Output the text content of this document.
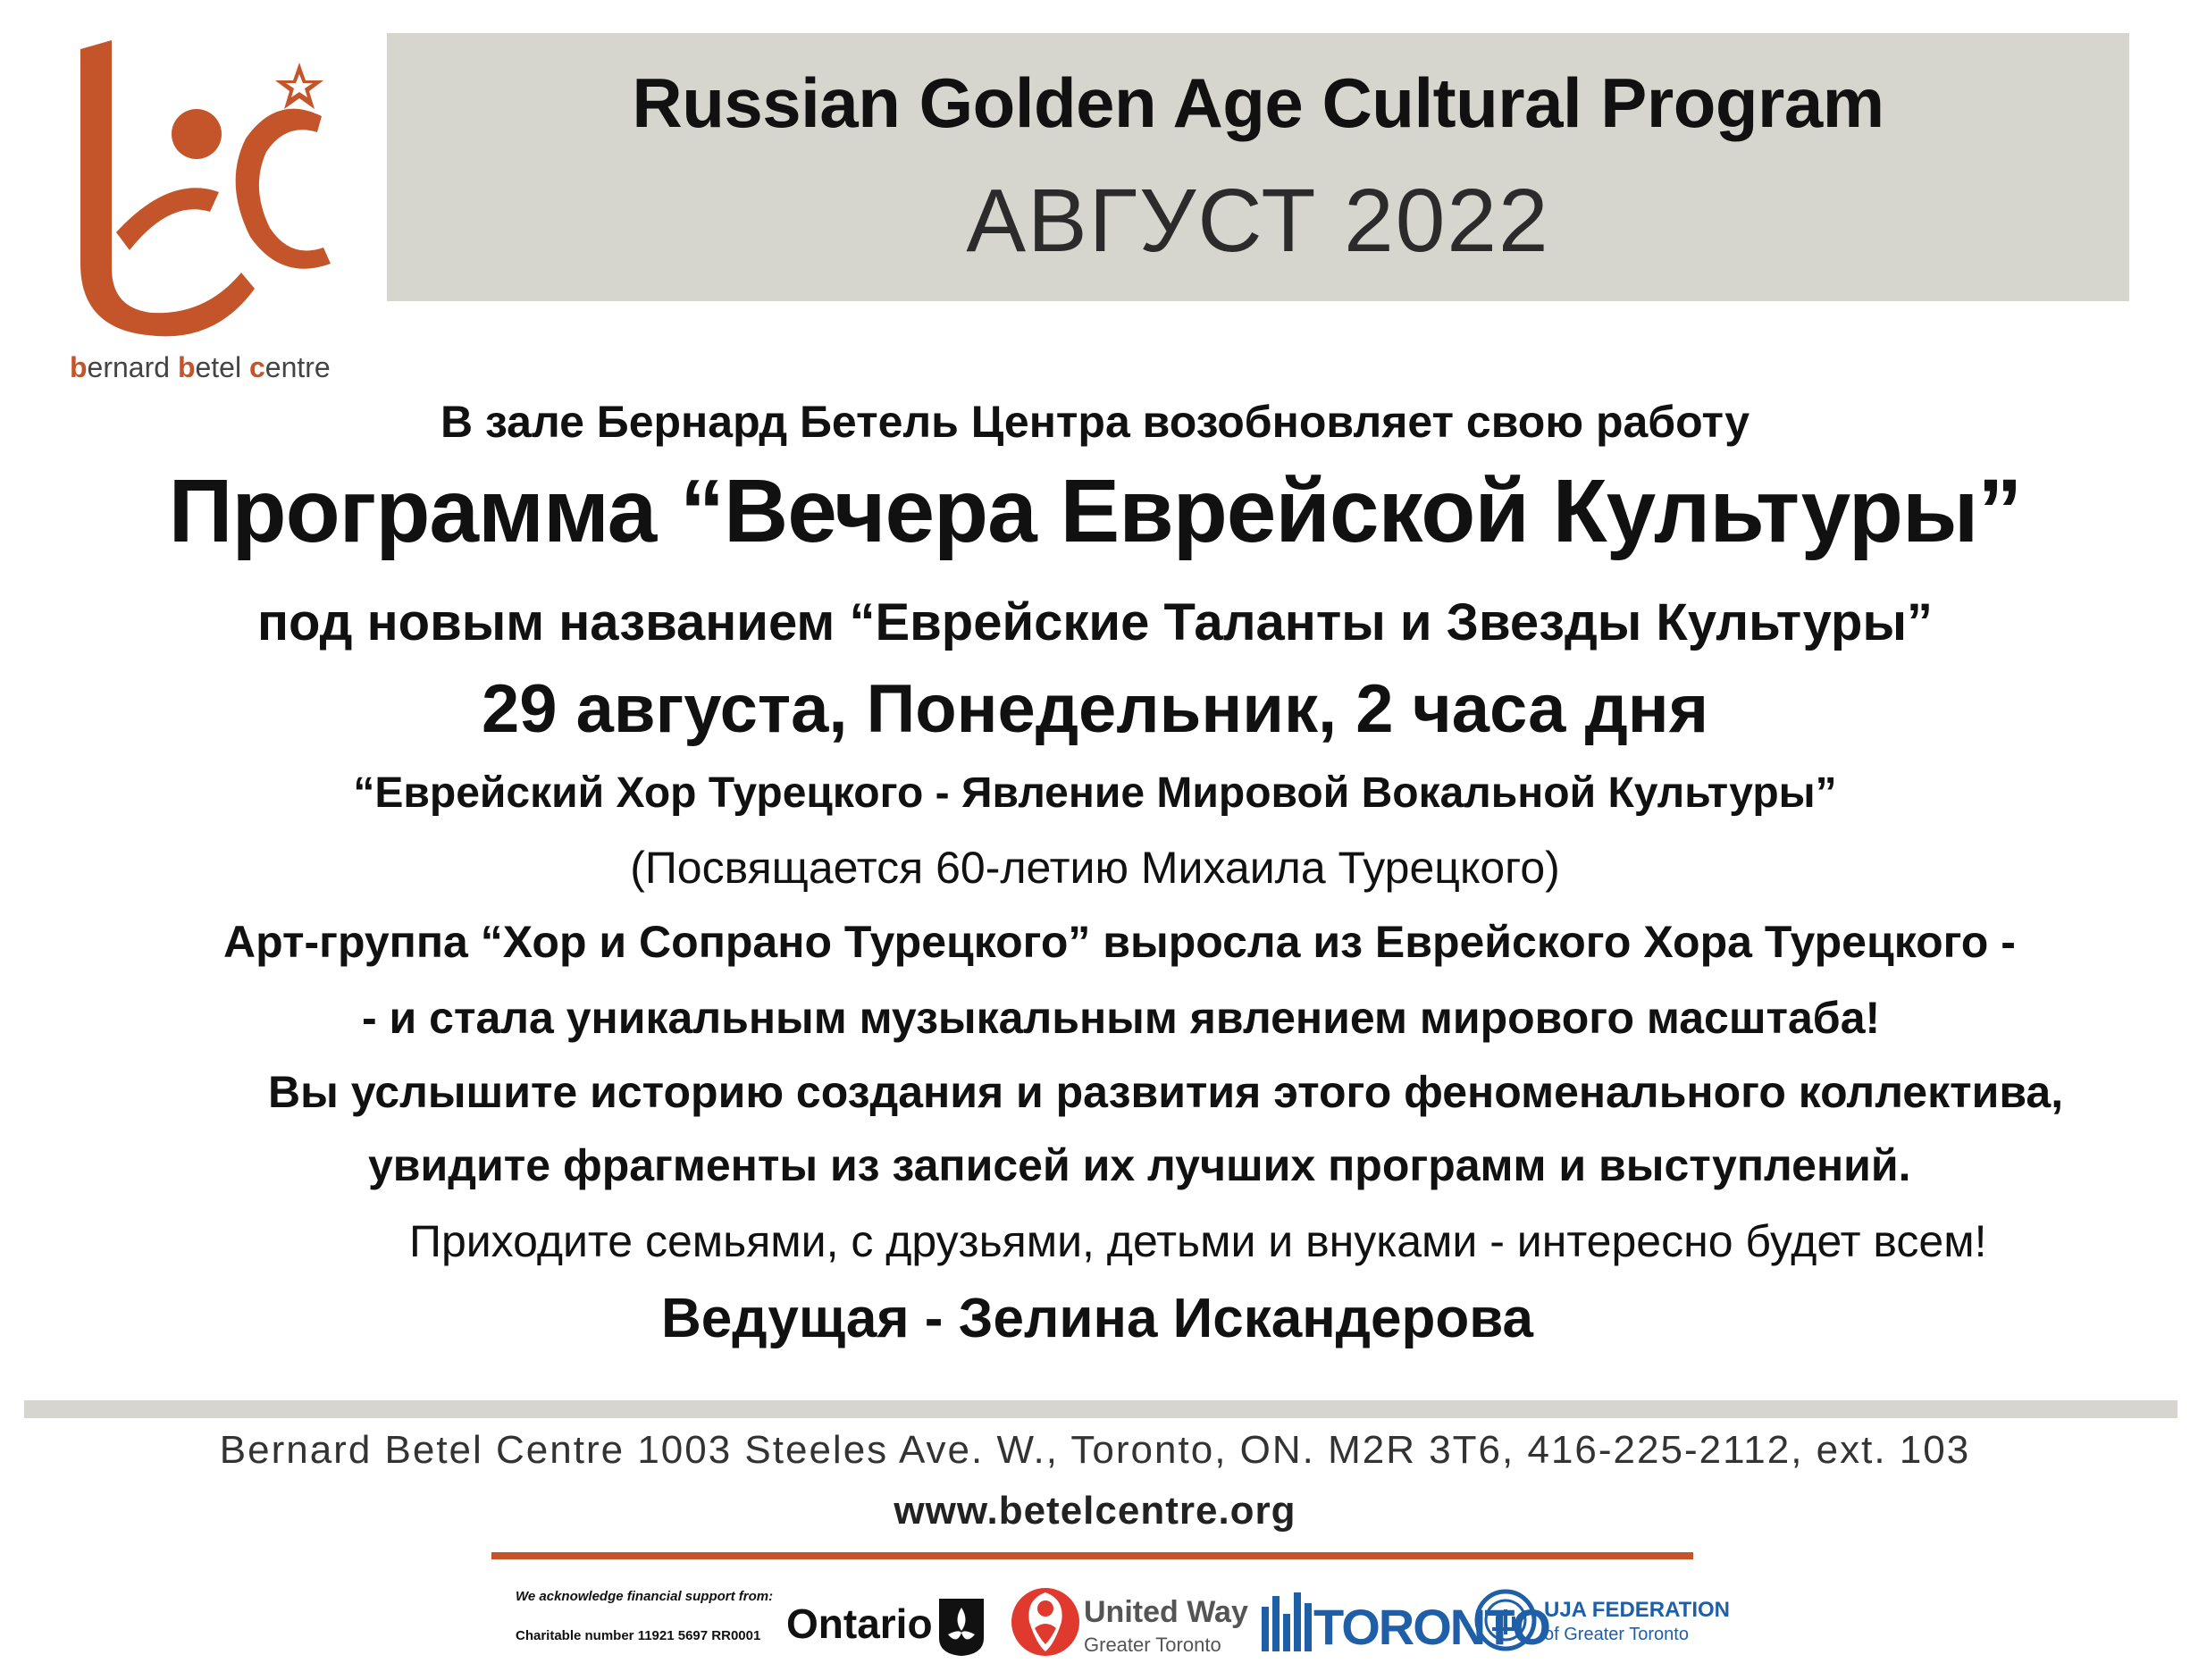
bernard betel centre
Russian Golden Age Cultural Program
АВГУСТ 2022
В зале Бернард Бетель Центра возобновляет свою работу
Программа “Вечера Еврейской Культуры”
под новым названием “Еврейские Таланты и Звезды Культуры”
29 августа, Понедельник, 2 часа дня
“Еврейский Хор Турецкого - Явление Мировой Вокальной Культуры”
(Посвящается 60-летию Михаила Турецкого)
Арт-группа “Хор и Сопрано Турецкого” выросла из Еврейского Хора Турецкого -
- и стала уникальным музыкальным явлением мирового масштаба!
Вы услышите историю создания и развития этого феноменального коллектива,
увидите фрагменты из записей их лучших программ и выступлений.
Приходите семьями, с друзьями, детьми и внуками - интересно будет всем!
Ведущая - Зелина Искандерова
Bernard Betel Centre 1003 Steeles Ave. W., Toronto, ON. M2R 3T6, 416-225-2112, ext. 103
www.betelcentre.org
We acknowledge financial support from:
Charitable number 11921 5697 RR0001 Ontario	United Way
Greater Toronto TORONTO
UJA FEDERATION
of Greater Toronto
